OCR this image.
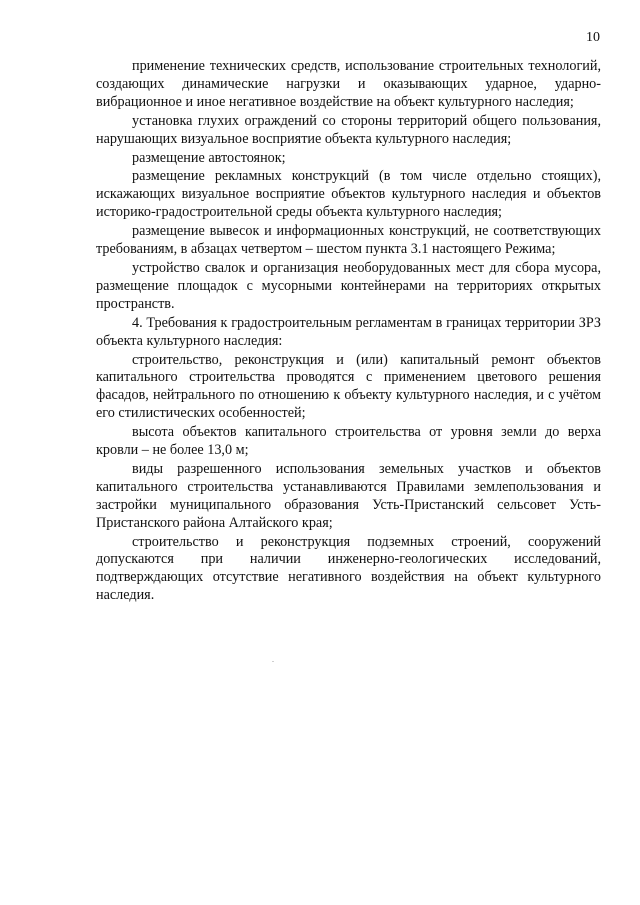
10

применение технических средств, использование строительных технологий, создающих динамические нагрузки и оказывающих ударное, ударно-вибрационное и иное негативное воздействие на объект культурного наследия;

установка глухих ограждений со стороны территорий общего пользования, нарушающих визуальное восприятие объекта культурного наследия;

размещение автостоянок;

размещение рекламных конструкций (в том числе отдельно стоящих), искажающих визуальное восприятие объектов культурного наследия и объектов историко-градостроительной среды объекта культурного наследия;

размещение вывесок и информационных конструкций, не соответствующих требованиям, в абзацах четвертом – шестом пункта 3.1 настоящего Режима;

устройство свалок и организация необорудованных мест для сбора мусора, размещение площадок с мусорными контейнерами на территориях открытых пространств.

4. Требования к градостроительным регламентам в границах территории ЗРЗ объекта культурного наследия:

строительство, реконструкция и (или) капитальный ремонт объектов капитального строительства проводятся с применением цветового решения фасадов, нейтрального по отношению к объекту культурного наследия, и с учётом его стилистических особенностей;

высота объектов капитального строительства от уровня земли до верха кровли – не более 13,0 м;

виды разрешенного использования земельных участков и объектов капитального строительства устанавливаются Правилами землепользования и застройки муниципального образования Усть-Пристанский сельсовет Усть-Пристанского района Алтайского края;

строительство и реконструкция подземных строений, сооружений допускаются при наличии инженерно-геологических исследований, подтверждающих отсутствие негативного воздействия на объект культурного наследия.
